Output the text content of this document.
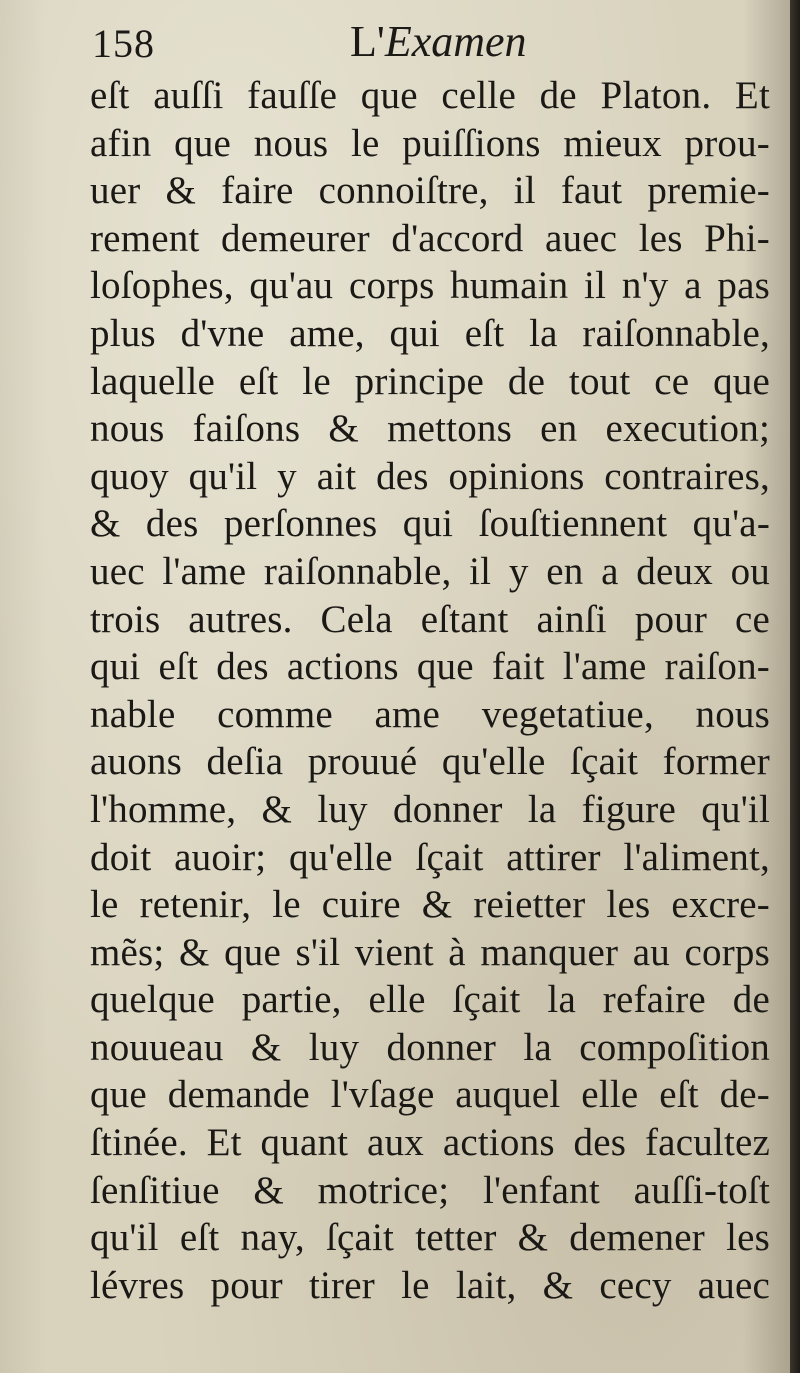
158	L'Examen
eſt auſſi fauſſe que celle de Platon. Et
afin que nous le puiſſions mieux prou-
uer & faire connoiſtre, il faut premie-
rement demeurer d'accord auec les Phi-
loſophes, qu'au corps humain il n'y a pas
plus d'vne ame, qui eſt la raiſonnable,
laquelle eſt le principe de tout ce que
nous faiſons & mettons en execution;
quoy qu'il y ait des opinions contraires,
& des perſonnes qui ſouſtiennent qu'a-
uec l'ame raiſonnable, il y en a deux ou
trois autres. Cela eſtant ainſi pour ce
qui eſt des actions que fait l'ame raiſon-
nable comme ame vegetatiue, nous
auons deſia prouué qu'elle ſçait former
l'homme, & luy donner la figure qu'il
doit auoir; qu'elle ſçait attirer l'aliment,
le retenir, le cuire & reietter les excre-
mẽs; & que s'il vient à manquer au corps
quelque partie, elle ſçait la refaire de
nouueau & luy donner la compoſition
que demande l'vſage auquel elle eſt de-
ſtinée. Et quant aux actions des facultez
ſenſitiue & motrice; l'enfant auſſi-toſt
qu'il eſt nay, ſçait tetter & demener les
lévres pour tirer le lait, & cecy auec
